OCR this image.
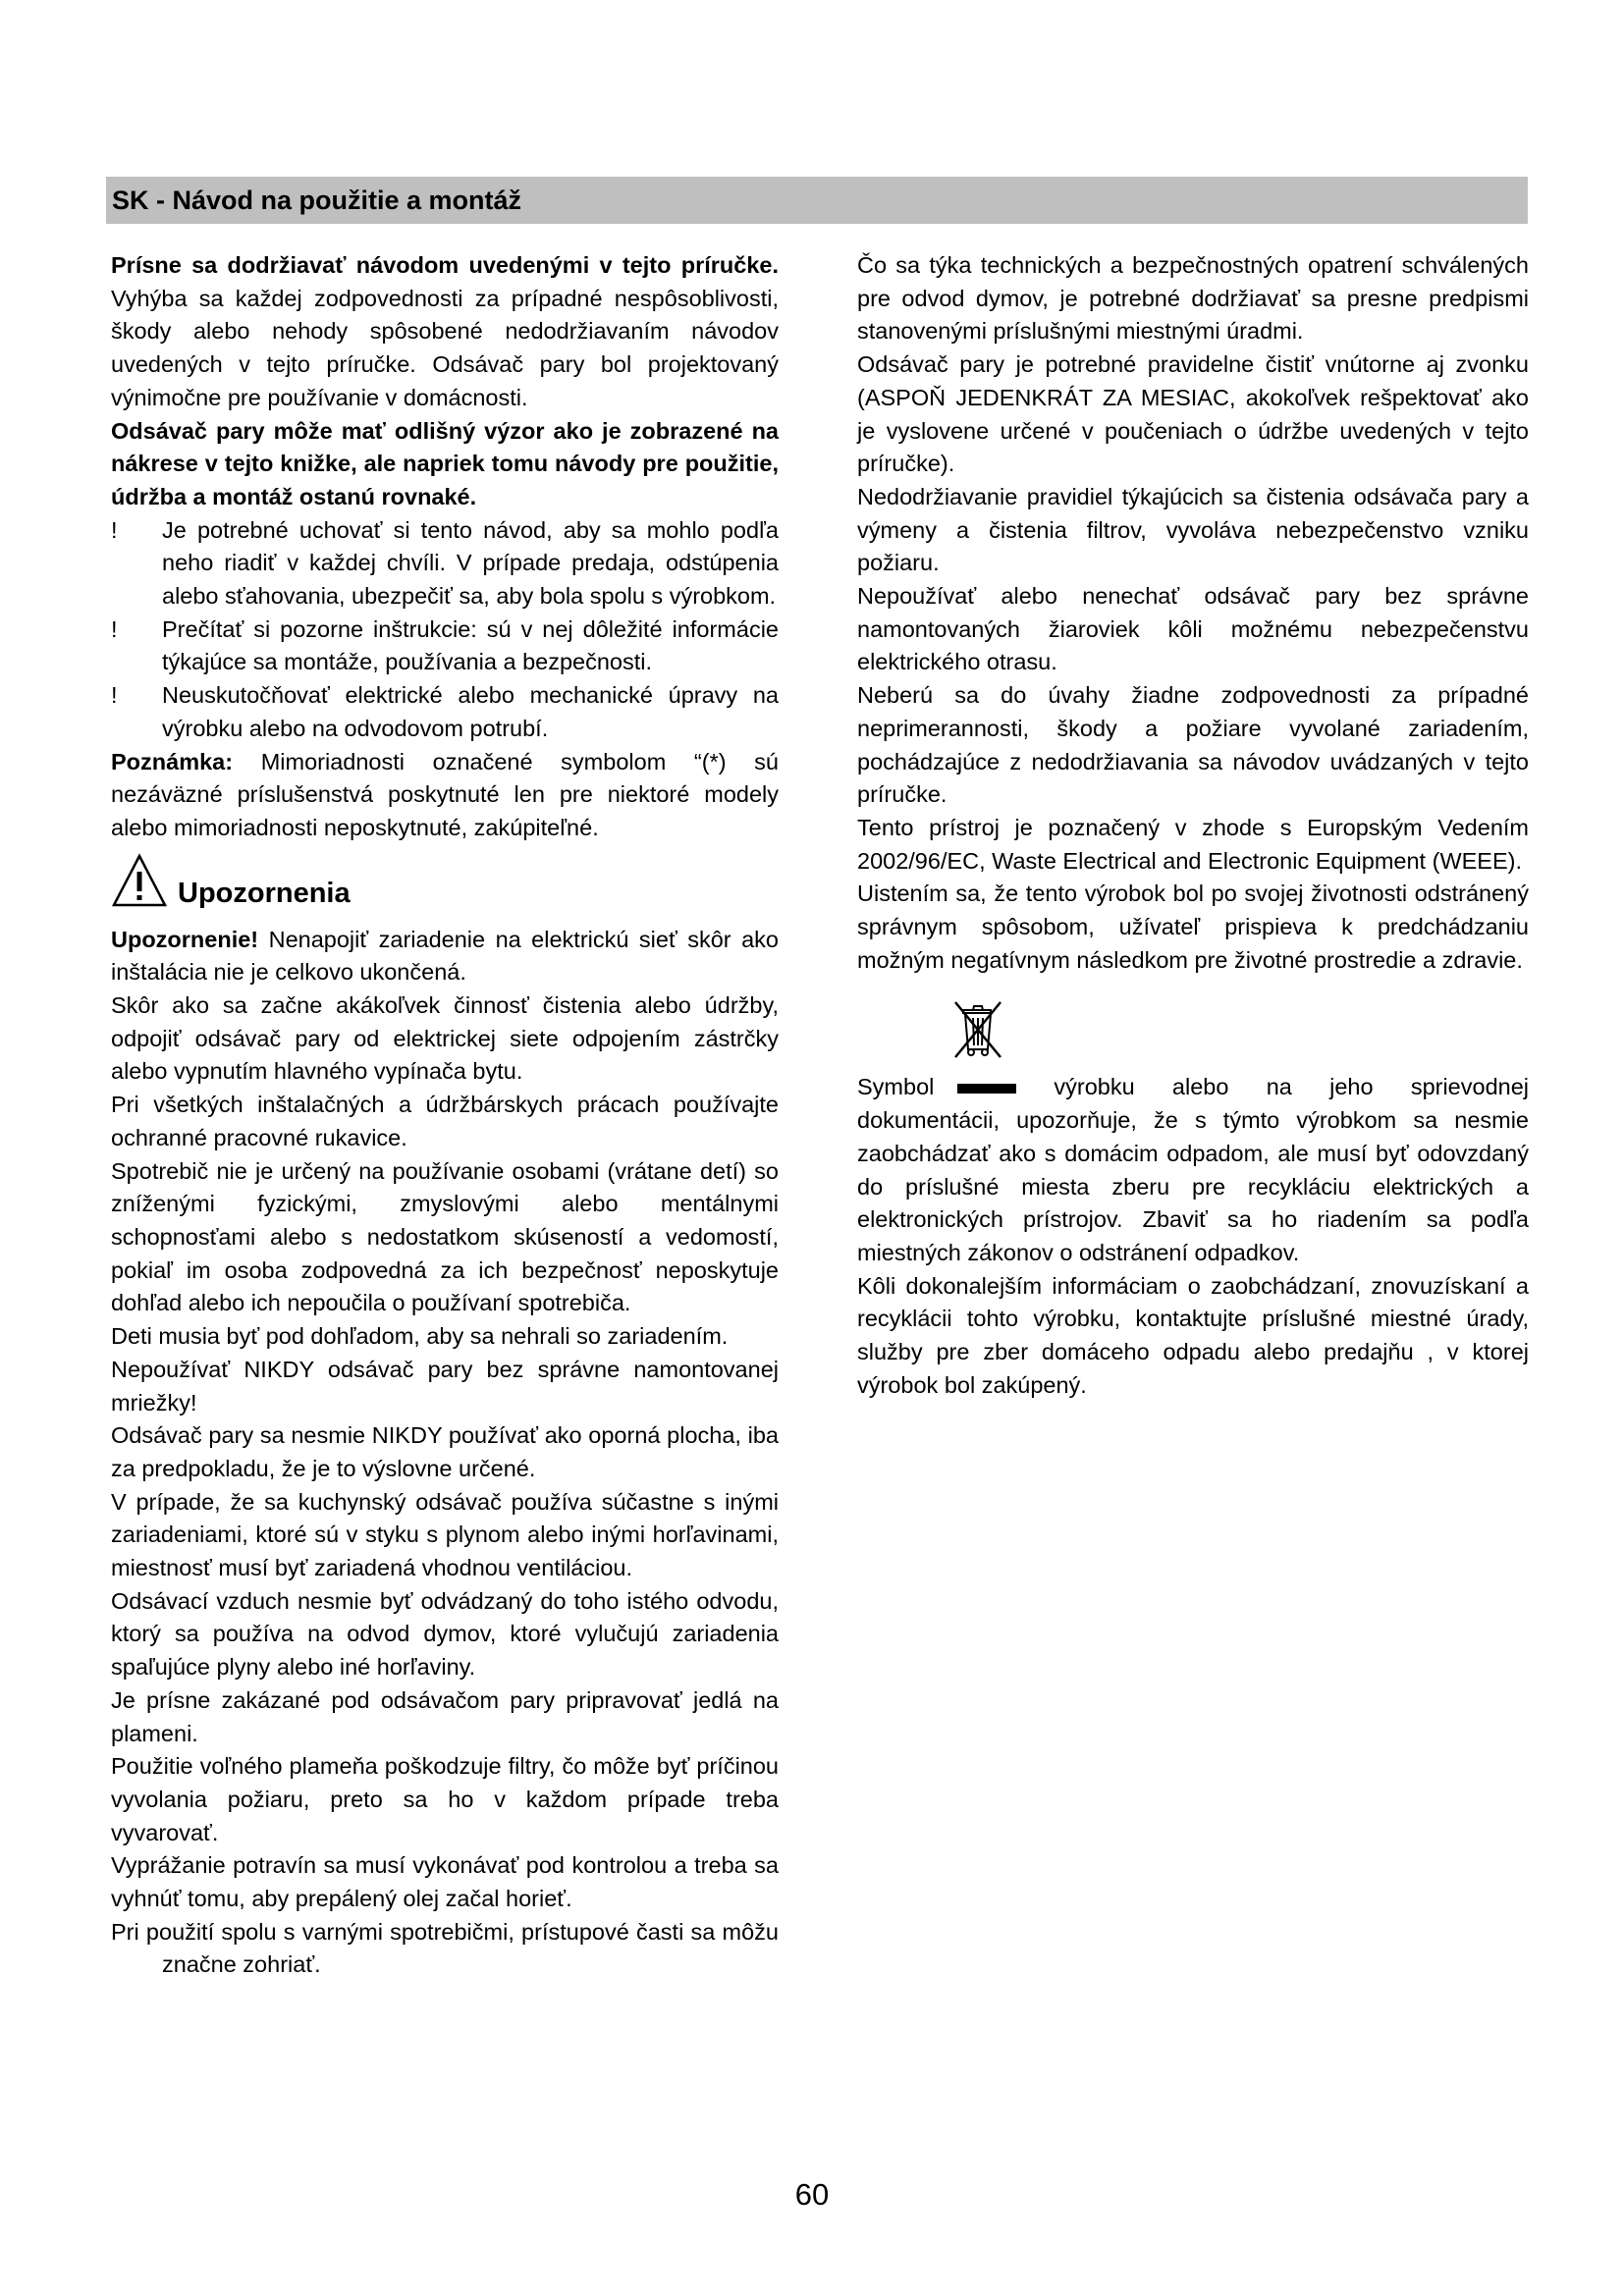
SK - Návod na použitie a montáž

Prísne sa dodržiavať návodom uvedenými v tejto príručke. Vyhýba sa každej zodpovednosti za prípadné nespôsoblivosti, škody alebo nehody spôsobené nedodržiavaním návodov uvedených v tejto príručke. Odsávač pary bol projektovaný výnimočne pre používanie v domácnosti.

Odsávač pary môže mať odlišný výzor ako je zobrazené na nákrese v tejto knižke, ale napriek tomu návody pre použitie, údržba a montáž ostanú rovnaké.

! Je potrebné uchovať si tento návod, aby sa mohlo podľa neho riadiť v každej chvíli. V prípade predaja, odstúpenia alebo sťahovania, ubezpečiť sa, aby bola spolu s výrobkom.
! Prečítať si pozorne inštrukcie: sú v nej dôležité informácie týkajúce sa montáže, používania a bezpečnosti.
! Neuskutočňovať elektrické alebo mechanické úpravy na výrobku alebo na odvodovom potrubí.

Poznámka: Mimoriadnosti označené symbolom “(*) sú nezáväzné príslušenstvá poskytnuté len pre niektoré modely alebo mimoriadnosti neposkytnuté, zakúpiteľné.

Upozornenia

Upozornenie! Nenapojiť zariadenie na elektrickú sieť skôr ako inštalácia nie je celkovo ukončená.

Skôr ako sa začne akákoľvek činnosť čistenia alebo údržby, odpojiť odsávač pary od elektrickej siete odpojením zástrčky alebo vypnutím hlavného vypínača bytu.

Pri všetkých inštalačných a údržbárskych prácach používajte ochranné pracovné rukavice.

Spotrebič nie je určený na používanie osobami (vrátane detí) so zníženými fyzickými, zmyslovými alebo mentálnymi schopnosťami alebo s nedostatkom skúseností a vedomostí, pokiaľ im osoba zodpovedná za ich bezpečnosť neposkytuje dohľad alebo ich nepoučila o používaní spotrebiča.

Deti musia byť pod dohľadom, aby sa nehrali so zariadením.

Nepoužívať NIKDY odsávač pary bez správne namontovanej mriežky!

Odsávač pary sa nesmie NIKDY používať ako oporná plocha, iba za predpokladu, že je to výslovne určené.

V prípade, že sa kuchynský odsávač používa súčastne s inými zariadeniami, ktoré sú v styku s plynom alebo inými horľavinami, miestnosť musí byť zariadená vhodnou ventiláciou.

Odsávací vzduch nesmie byť odvádzaný do toho istého odvodu, ktorý sa používa na odvod dymov, ktoré vylučujú zariadenia spaľujúce plyny alebo iné horľaviny.

Je prísne zakázané pod odsávačom pary pripravovať jedlá na plameni.

Použitie voľného plameňa poškodzuje filtry, čo môže byť príčinou vyvolania požiaru, preto sa ho v každom prípade treba vyvarovať.

Vyprážanie potravín sa musí vykonávať pod kontrolou a treba sa vyhnúť tomu, aby prepálený olej začal horieť.

Pri použití spolu s varnými spotrebičmi, prístupové časti sa môžu značne zohriať.

Čo sa týka technických a bezpečnostných opatrení schválených pre odvod dymov, je potrebné dodržiavať sa presne predpismi stanovenými príslušnými miestnými úradmi.

Odsávač pary je potrebné pravidelne čistiť vnútorne aj zvonku (ASPOŇ JEDENKRÁT ZA MESIAC, akokoľvek rešpektovať ako je vyslovene určené v poučeniach o údržbe uvedených v tejto príručke).

Nedodržiavanie pravidiel týkajúcich sa čistenia odsávača pary a výmeny a čistenia filtrov, vyvoláva nebezpečenstvo vzniku požiaru.

Nepoužívať alebo nenechať odsávač pary bez správne namontovaných žiaroviek kôli možnému nebezpečenstvu elektrického otrasu.

Neberú sa do úvahy žiadne zodpovednosti za prípadné neprimerannosti, škody a požiare vyvolané zariadením, pochádzajúce z nedodržiavania sa návodov uvádzaných v tejto príručke.

Tento prístroj je poznačený v zhode s Europským Vedením 2002/96/EC, Waste Electrical and Electronic Equipment (WEEE).

Uistením sa, že tento výrobok bol po svojej životnosti odstránený správnym spôsobom, užívateľ prispieva k predchádzaniu možným negatívnym následkom pre životné prostredie a zdravie.

Symbol	výrobku alebo na jeho sprievodnej dokumentácii, upozorňuje, že s týmto výrobkom sa nesmie zaobchádzať ako s domácim odpadom, ale musí byť odovzdaný do príslušné miesta zberu pre recykláciu elektrických a elektronických prístrojov. Zbaviť sa ho riadením sa podľa miestných zákonov o odstránení odpadkov.

Kôli dokonalejším informáciam o zaobchádzaní, znovuzískaní a recyklácii tohto výrobku, kontaktujte príslušné miestné úrady, služby pre zber domáceho odpadu alebo predajňu , v ktorej výrobok bol zakúpený.

60
